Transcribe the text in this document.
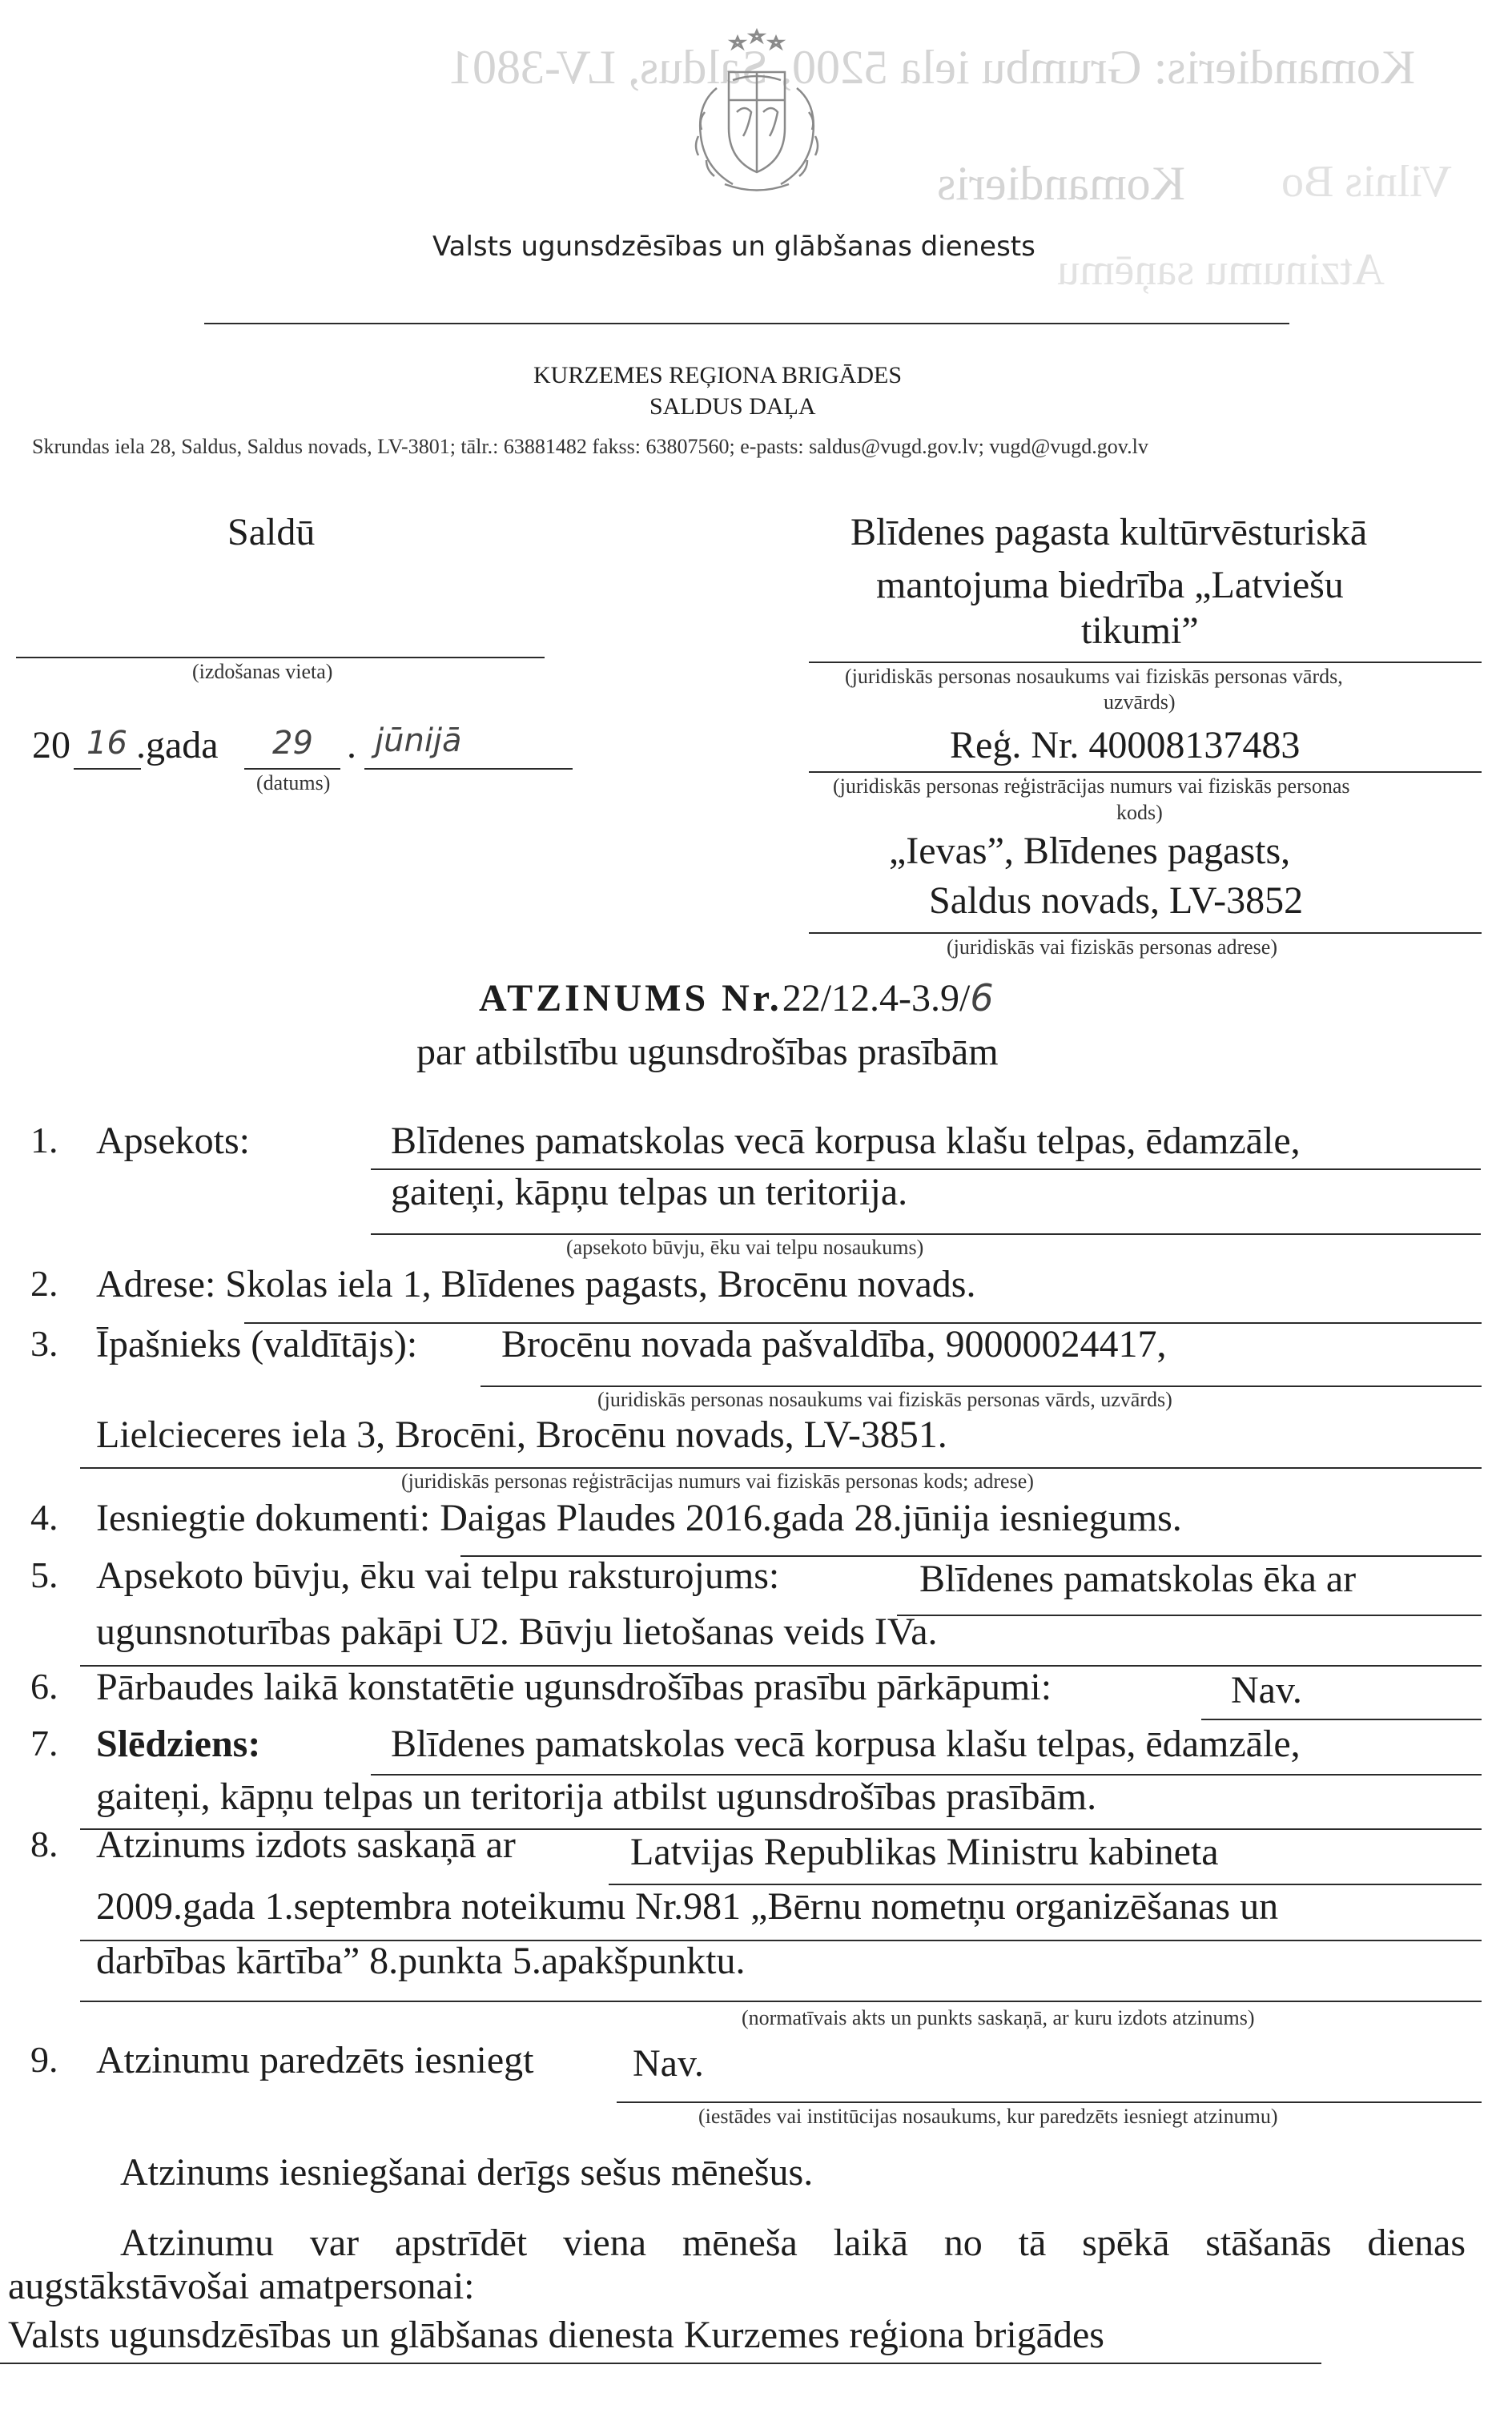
Komandieris: Grumbu iela 5200, Saldus, LV-3801
Komandieris Vilnis Bo
Atzinumu saņēmu
Valsts ugunsdzēsības un glābšanas dienests
KURZEMES REĢIONA BRIGĀDES
SALDUS DAĻA
Skrundas iela 28, Saldus, Saldus novads, LV-3801; tālr.: 63881482 fakss: 63807560; e-pasts: saldus@vugd.gov.lv; vugd@vugd.gov.lv
Saldū
(izdošanas vieta)
20 16 .gada 29 . jūnijā
(datums)
Blīdenes pagasta kultūrvēsturiskā
mantojuma biedrība „Latviešu
tikumi”
(juridiskās personas nosaukums vai fiziskās personas vārds,
uzvārds)
Reģ. Nr. 40008137483
(juridiskās personas reģistrācijas numurs vai fiziskās personas
kods)
„Ievas”, Blīdenes pagasts,
Saldus novads, LV-3852
(juridiskās vai fiziskās personas adrese)
ATZINUMS Nr.22/12.4-3.9/6
par atbilstību ugunsdrošības prasībām
1. Apsekots:	Blīdenes pamatskolas vecā korpusa klašu telpas, ēdamzāle,
gaiteņi, kāpņu telpas un teritorija.
(apsekoto būvju, ēku vai telpu nosaukums)
2. Adrese: Skolas iela 1, Blīdenes pagasts, Brocēnu novads.
3. Īpašnieks (valdītājs): Brocēnu novada pašvaldība, 90000024417,
(juridiskās personas nosaukums vai fiziskās personas vārds, uzvārds)
Lielcieceres iela 3, Brocēni, Brocēnu novads, LV-3851.
(juridiskās personas reģistrācijas numurs vai fiziskās personas kods; adrese)
4. Iesniegtie dokumenti: Daigas Plaudes 2016.gada 28.jūnija iesniegums.
5. Apsekoto būvju, ēku vai telpu raksturojums:	Blīdenes pamatskolas ēka ar
ugunsnoturības pakāpi U2. Būvju lietošanas veids IVa.
6. Pārbaudes laikā konstatētie ugunsdrošības prasību pārkāpumi:	Nav.
7. Slēdziens:	Blīdenes pamatskolas vecā korpusa klašu telpas, ēdamzāle,
gaiteņi, kāpņu telpas un teritorija atbilst ugunsdrošības prasībām.
8. Atzinums izdots saskaņā ar	Latvijas Republikas Ministru kabineta
2009.gada 1.septembra noteikumu Nr.981 „Bērnu nometņu organizēšanas un
darbības kārtība” 8.punkta 5.apakšpunktu.
(normatīvais akts un punkts saskaņā, ar kuru izdots atzinums)
9. Atzinumu paredzēts iesniegt	Nav.
(iestādes vai institūcijas nosaukums, kur paredzēts iesniegt atzinumu)
Atzinums iesniegšanai derīgs sešus mēnešus.
Atzinumu var apstrīdēt viena mēneša laikā no tā spēkā stāšanās dienas
augstākstāvošai amatpersonai:
Valsts ugunsdzēsības un glābšanas dienesta Kurzemes reģiona brigādes
